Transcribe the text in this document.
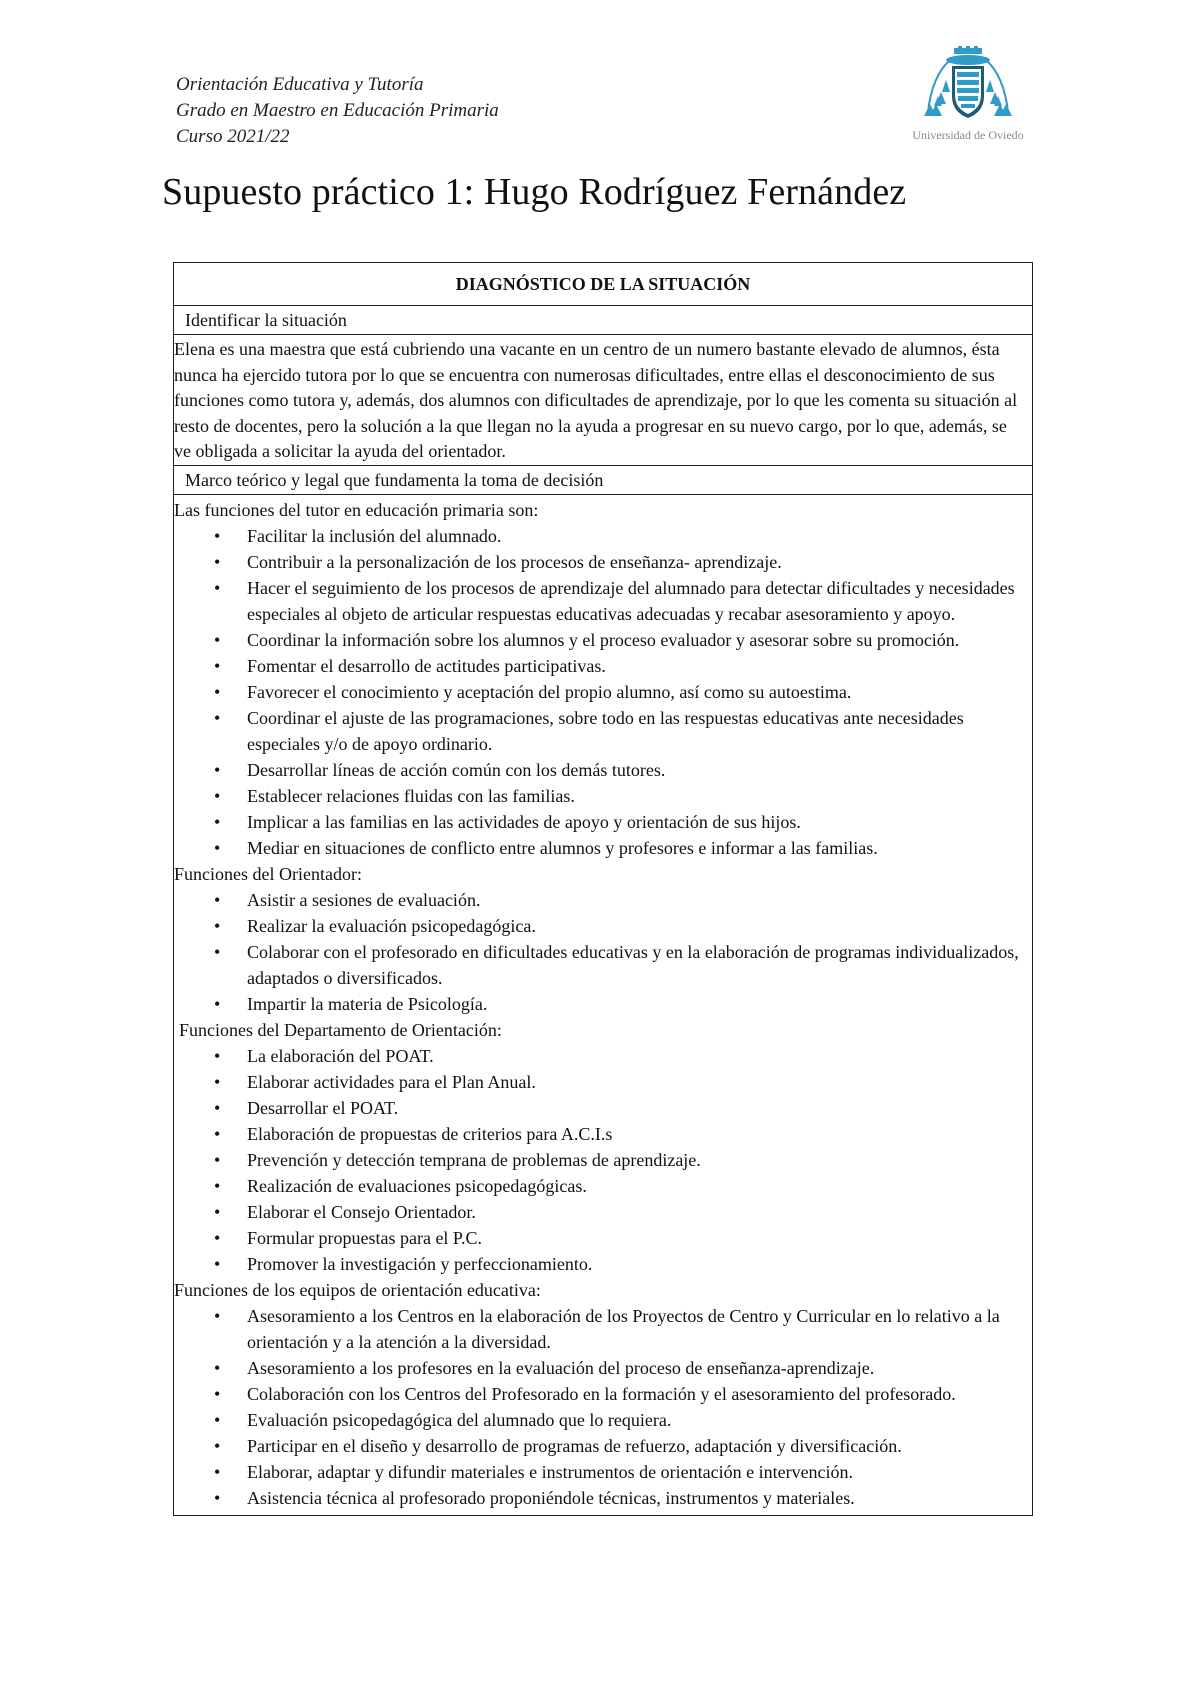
Orientación Educativa y Tutoría
Grado en Maestro en Educación Primaria
Curso 2021/22	Universidad de Oviedo
Supuesto práctico 1: Hugo Rodríguez Fernández
DIAGNÓSTICO DE LA SITUACIÓN
Identificar la situación
Elena es una maestra que está cubriendo una vacante en un centro de un numero bastante elevado de alumnos, ésta nunca ha ejercido tutora por lo que se encuentra con numerosas dificultades, entre ellas el desconocimiento de sus funciones como tutora y, además, dos alumnos con dificultades de aprendizaje, por lo que les comenta su situación al resto de docentes, pero la solución a la que llegan no la ayuda a progresar en su nuevo cargo, por lo que, además, se ve obligada a solicitar la ayuda del orientador.
Marco teórico y legal que fundamenta la toma de decisión
Las funciones del tutor en educación primaria son:
• Facilitar la inclusión del alumnado.
• Contribuir a la personalización de los procesos de enseñanza- aprendizaje.
• Hacer el seguimiento de los procesos de aprendizaje del alumnado para detectar dificultades y necesidades especiales al objeto de articular respuestas educativas adecuadas y recabar asesoramiento y apoyo.
• Coordinar la información sobre los alumnos y el proceso evaluador y asesorar sobre su promoción.
• Fomentar el desarrollo de actitudes participativas.
• Favorecer el conocimiento y aceptación del propio alumno, así como su autoestima.
• Coordinar el ajuste de las programaciones, sobre todo en las respuestas educativas ante necesidades especiales y/o de apoyo ordinario.
• Desarrollar líneas de acción común con los demás tutores.
• Establecer relaciones fluidas con las familias.
• Implicar a las familias en las actividades de apoyo y orientación de sus hijos.
• Mediar en situaciones de conflicto entre alumnos y profesores e informar a las familias.
Funciones del Orientador:
• Asistir a sesiones de evaluación.
• Realizar la evaluación psicopedagógica.
• Colaborar con el profesorado en dificultades educativas y en la elaboración de programas individualizados, adaptados o diversificados.
• Impartir la materia de Psicología.
Funciones del Departamento de Orientación:
• La elaboración del POAT.
• Elaborar actividades para el Plan Anual.
• Desarrollar el POAT.
• Elaboración de propuestas de criterios para A.C.I.s
• Prevención y detección temprana de problemas de aprendizaje.
• Realización de evaluaciones psicopedagógicas.
• Elaborar el Consejo Orientador.
• Formular propuestas para el P.C.
• Promover la investigación y perfeccionamiento.
Funciones de los equipos de orientación educativa:
• Asesoramiento a los Centros en la elaboración de los Proyectos de Centro y Curricular en lo relativo a la orientación y a la atención a la diversidad.
• Asesoramiento a los profesores en la evaluación del proceso de enseñanza-aprendizaje.
• Colaboración con los Centros del Profesorado en la formación y el asesoramiento del profesorado.
• Evaluación psicopedagógica del alumnado que lo requiera.
• Participar en el diseño y desarrollo de programas de refuerzo, adaptación y diversificación.
• Elaborar, adaptar y difundir materiales e instrumentos de orientación e intervención.
• Asistencia técnica al profesorado proponiéndole técnicas, instrumentos y materiales.
